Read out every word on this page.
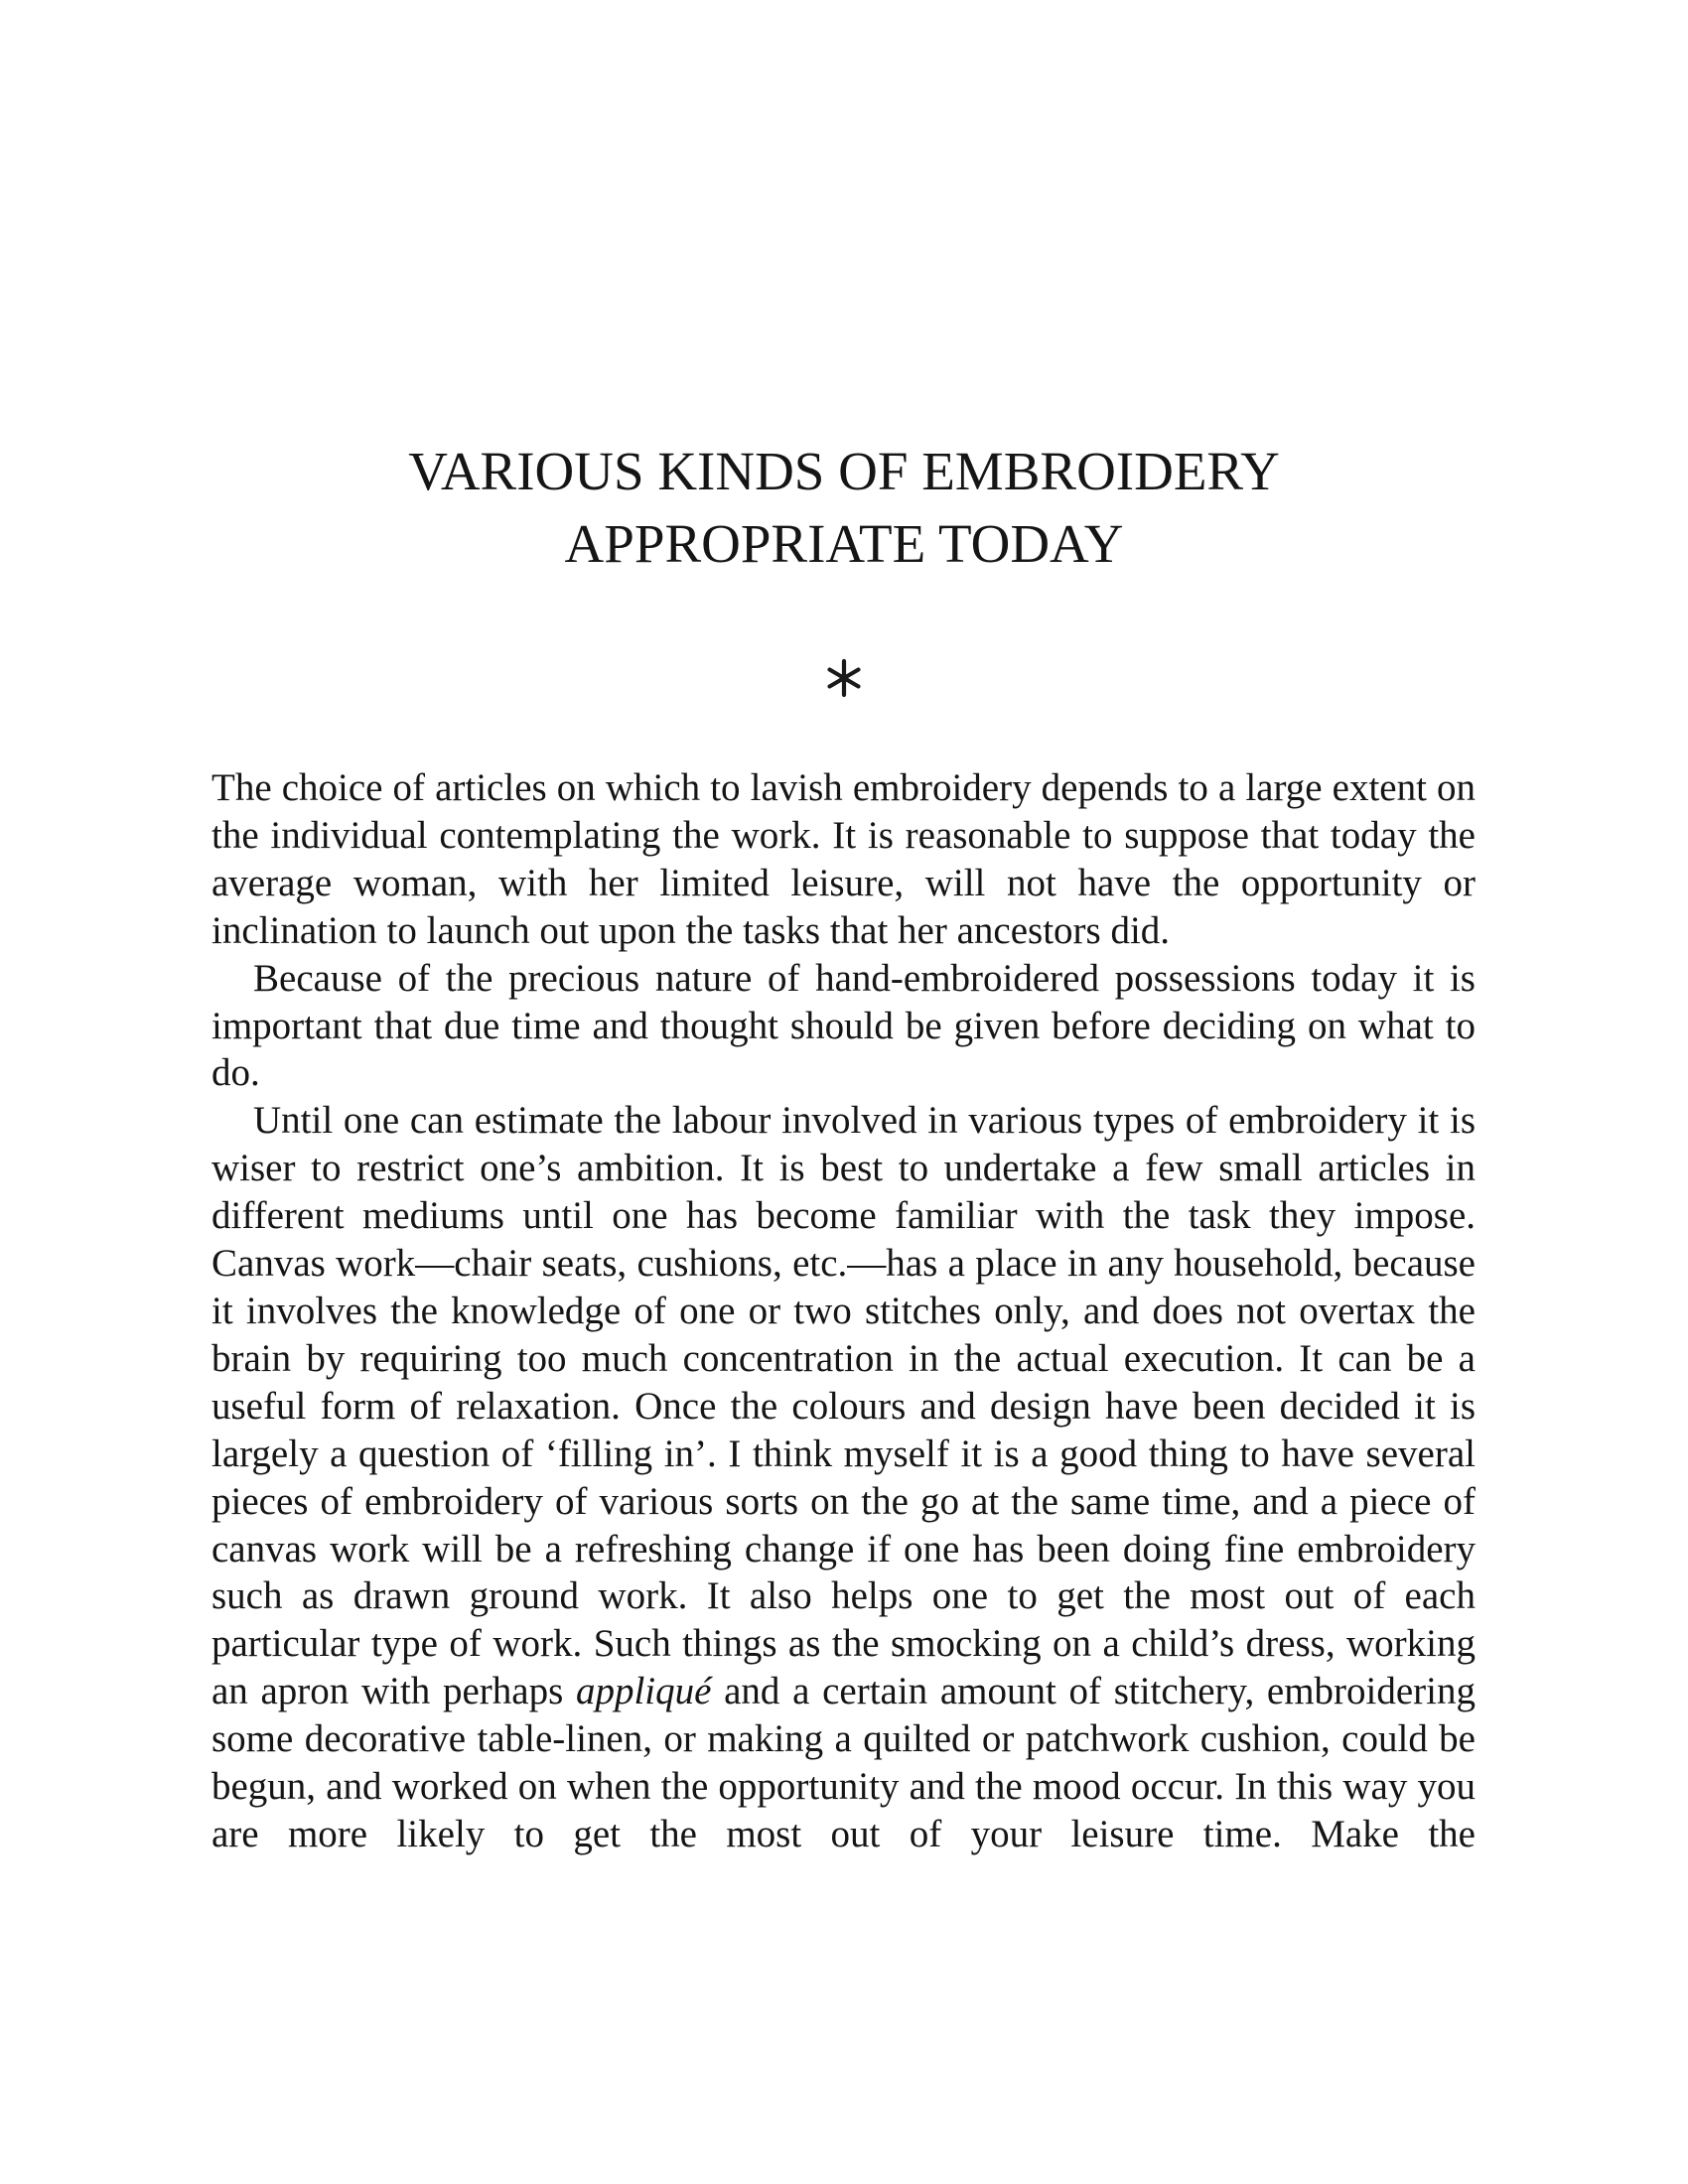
VARIOUS KINDS OF EMBROIDERY
APPROPRIATE TODAY

The choice of articles on which to lavish embroidery depends to a large extent on the individual contemplating the work. It is reasonable to suppose that today the average woman, with her limited leisure, will not have the opportunity or inclination to launch out upon the tasks that her ancestors did.

Because of the precious nature of hand-embroidered possessions today it is important that due time and thought should be given before deciding on what to do.

Until one can estimate the labour involved in various types of embroidery it is wiser to restrict one’s ambition. It is best to undertake a few small articles in different mediums until one has become familiar with the task they impose. Canvas work—chair seats, cushions, etc.—has a place in any household, because it involves the knowledge of one or two stitches only, and does not overtax the brain by requiring too much concentration in the actual execution. It can be a useful form of relaxation. Once the colours and design have been decided it is largely a question of ‘filling in’. I think myself it is a good thing to have several pieces of embroidery of various sorts on the go at the same time, and a piece of canvas work will be a refreshing change if one has been doing fine embroidery such as drawn ground work. It also helps one to get the most out of each particular type of work. Such things as the smocking on a child’s dress, working an apron with perhaps appliqué and a certain amount of stitchery, embroidering some decorative table-linen, or making a quilted or patchwork cushion, could be begun, and worked on when the opportunity and the mood occur. In this way you are more likely to get the most out of your leisure time. Make the
